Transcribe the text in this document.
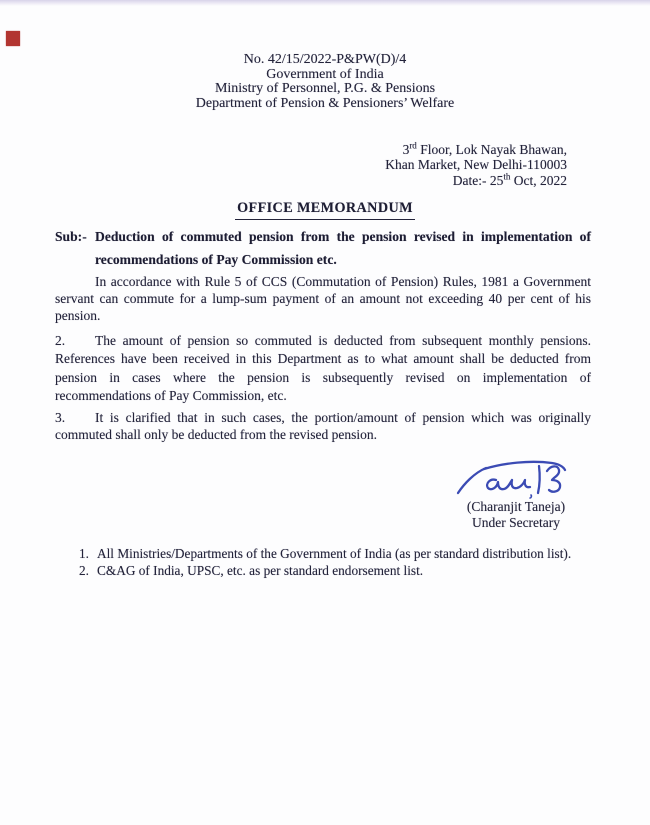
No. 42/15/2022-P&PW(D)/4
Government of India
Ministry of Personnel, P.G. & Pensions
Department of Pension & Pensioners’ Welfare
3rd Floor, Lok Nayak Bhawan,
Khan Market, New Delhi-110003
Date:- 25th Oct, 2022
OFFICE MEMORANDUM
Sub:- Deduction of commuted pension from the pension revised in implementation of
recommendations of Pay Commission etc.
In accordance with Rule 5 of CCS (Commutation of Pension) Rules, 1981 a Government
servant can commute for a lump-sum payment of an amount not exceeding 40 per cent of his
pension.
2. The amount of pension so commuted is deducted from subsequent monthly pensions.
References have been received in this Department as to what amount shall be deducted from
pension in cases where the pension is subsequently revised on implementation of
recommendations of Pay Commission, etc.
3. It is clarified that in such cases, the portion/amount of pension which was originally
commuted shall only be deducted from the revised pension.
(Charanjit Taneja)
Under Secretary
1. All Ministries/Departments of the Government of India (as per standard distribution list).
2. C&AG of India, UPSC, etc. as per standard endorsement list.
